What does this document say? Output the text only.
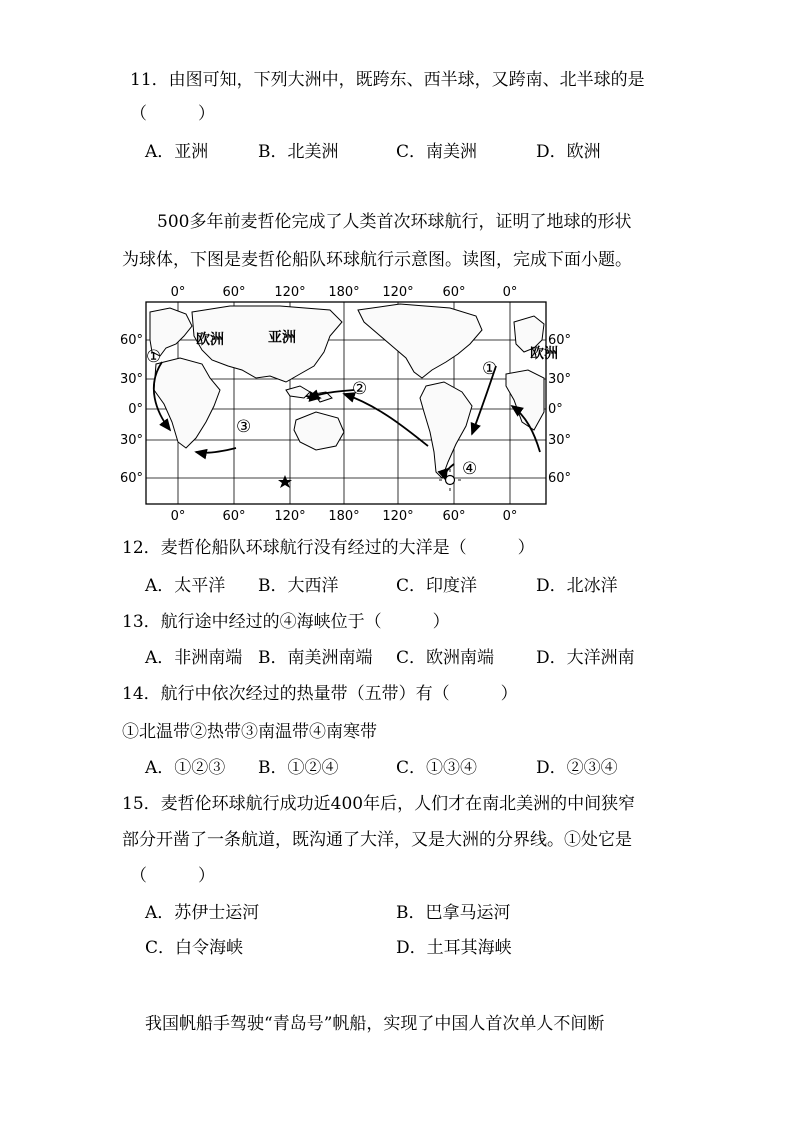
11．由图可知，下列大洲中，既跨东、西半球，又跨南、北半球的是
（　　　）
A．亚洲	B．北美洲	C．南美洲	D．欧洲
500多年前麦哲伦完成了人类首次环球航行，证明了地球的形状
为球体，下图是麦哲伦船队环球航行示意图。读图，完成下面小题。
0°	60° 120° 180° 120° 60°	0°
0°	60° 120° 180° 120° 60°	0°
60°
30°
0°
30°
60°
60°
30°
0°
30°
60°
欧洲	亚洲
欧洲
①
①
②
③
④
12．麦哲伦船队环球航行没有经过的大洋是（　　　）
A．太平洋 B．大西洋	C．印度洋	D．北冰洋
13．航行途中经过的④海峡位于（　　　）
A．非洲南端 B．南美洲南端 C．欧洲南端 D．大洋洲南
14．航行中依次经过的热量带（五带）有（　　　）
①北温带②热带③南温带④南寒带
A．①②③ B．①②④	C．①③④	D．②③④
15．麦哲伦环球航行成功近400年后，人们才在南北美洲的中间狭窄
部分开凿了一条航道，既沟通了大洋，又是大洲的分界线。①处它是
（　　　）
A．苏伊士运河	B．巴拿马运河
C．白令海峡	D．土耳其海峡
我国帆船手驾驶“青岛号”帆船，实现了中国人首次单人不间断
